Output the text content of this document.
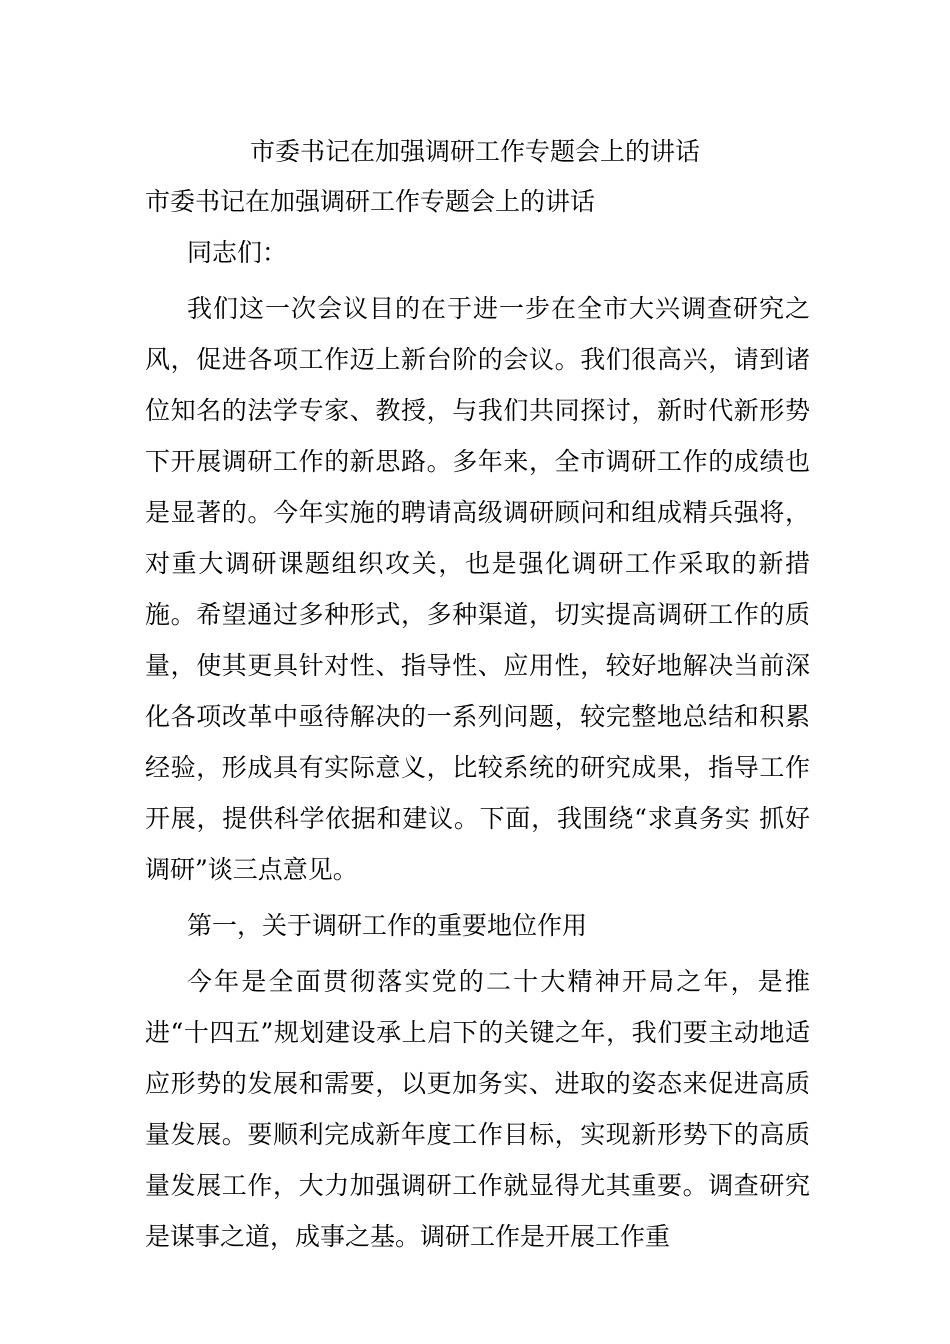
市委书记在加强调研工作专题会上的讲话
市委书记在加强调研工作专题会上的讲话

同志们：

我们这一次会议目的在于进一步在全市大兴调查研究之风，促进各项工作迈上新台阶的会议。我们很高兴，请到诸位知名的法学专家、教授，与我们共同探讨，新时代新形势下开展调研工作的新思路。多年来，全市调研工作的成绩也是显著的。今年实施的聘请高级调研顾问和组成精兵强将，对重大调研课题组织攻关，也是强化调研工作采取的新措施。希望通过多种形式，多种渠道，切实提高调研工作的质量，使其更具针对性、指导性、应用性，较好地解决当前深化各项改革中亟待解决的一系列问题，较完整地总结和积累经验，形成具有实际意义，比较系统的研究成果，指导工作开展，提供科学依据和建议。下面，我围绕“求真务实 抓好调研”谈三点意见。

第一，关于调研工作的重要地位作用

今年是全面贯彻落实党的二十大精神开局之年，是推进“十四五”规划建设承上启下的关键之年，我们要主动地适应形势的发展和需要，以更加务实、进取的姿态来促进高质量发展。要顺利完成新年度工作目标，实现新形势下的高质量发展工作，大力加强调研工作就显得尤其重要。调查研究是谋事之道，成事之基。调研工作是开展工作重
